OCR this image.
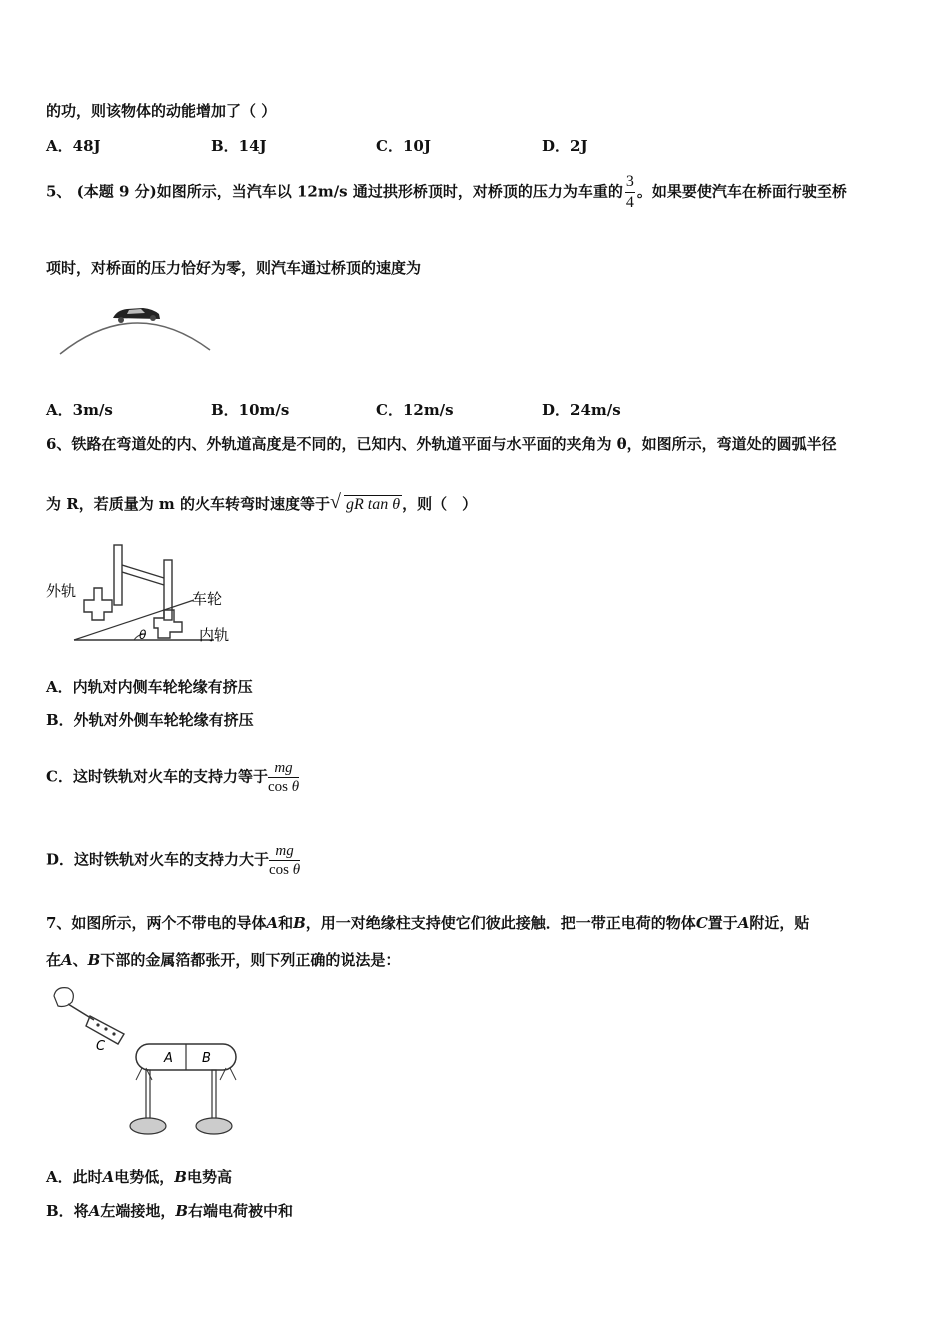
的功，则该物体的动能增加了（ ）
A．48J	B．14J	C．10J	D．2J
5、 (本题 9 分)如图所示，当汽车以 12m/s 通过拱形桥顶时，对桥顶的压力为车重的 $\frac{3}{4}$ 。如果要使汽车在桥面行驶至桥
项时，对桥面的压力恰好为零，则汽车通过桥顶的速度为
A．3m/s	B．10m/s	C．12m/s	D．24m/s
6、铁路在弯道处的内、外轨道高度是不同的，已知内、外轨道平面与水平面的夹角为 θ，如图所示，弯道处的圆弧半径
为 R，若质量为 m 的火车转弯时速度等于 √ gR tan θ ，则（　）
外轨	车轮
内轨
θ
A．内轨对内侧车轮轮缘有挤压
B．外轨对外侧车轮轮缘有挤压
C．这时铁轨对火车的支持力等于 $\frac{mg}{\text{cos θ}}$
D．这时铁轨对火车的支持力大于 $\frac{mg}{\text{cos θ}}$
7、如图所示，两个不带电的导体A和B，用一对绝缘柱支持使它们彼此接触．把一带正电荷的物体C置于A附近，贴
在A、B下部的金属箔都张开，则下列正确的说法是：
C
A B
A．此时A电势低，B电势高
B．将A左端接地，B右端电荷被中和
